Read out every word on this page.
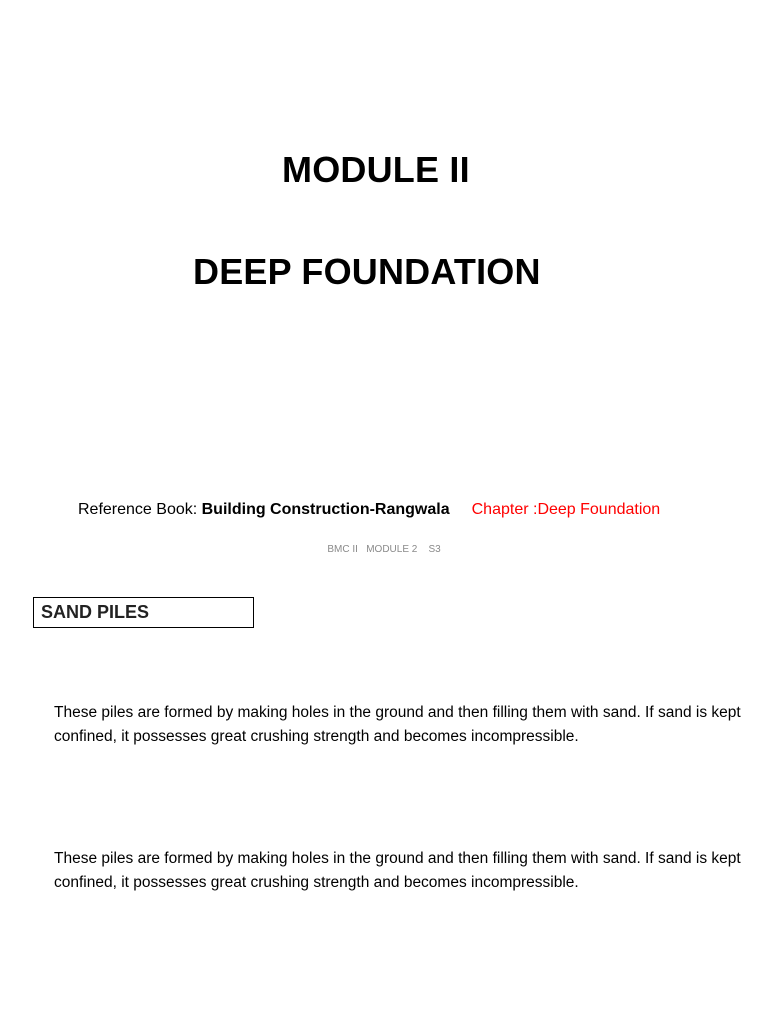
MODULE II
DEEP FOUNDATION
Reference Book: Building Construction-Rangwala Chapter :Deep Foundation
BMC II   MODULE 2    S3
SAND PILES

These piles are formed by making holes in the ground and then filling them with sand. If sand is kept confined, it possesses great crushing strength and becomes incompressible.

These piles are formed by making holes in the ground and then filling them with sand. If sand is kept confined, it possesses great crushing strength and becomes incompressible.
